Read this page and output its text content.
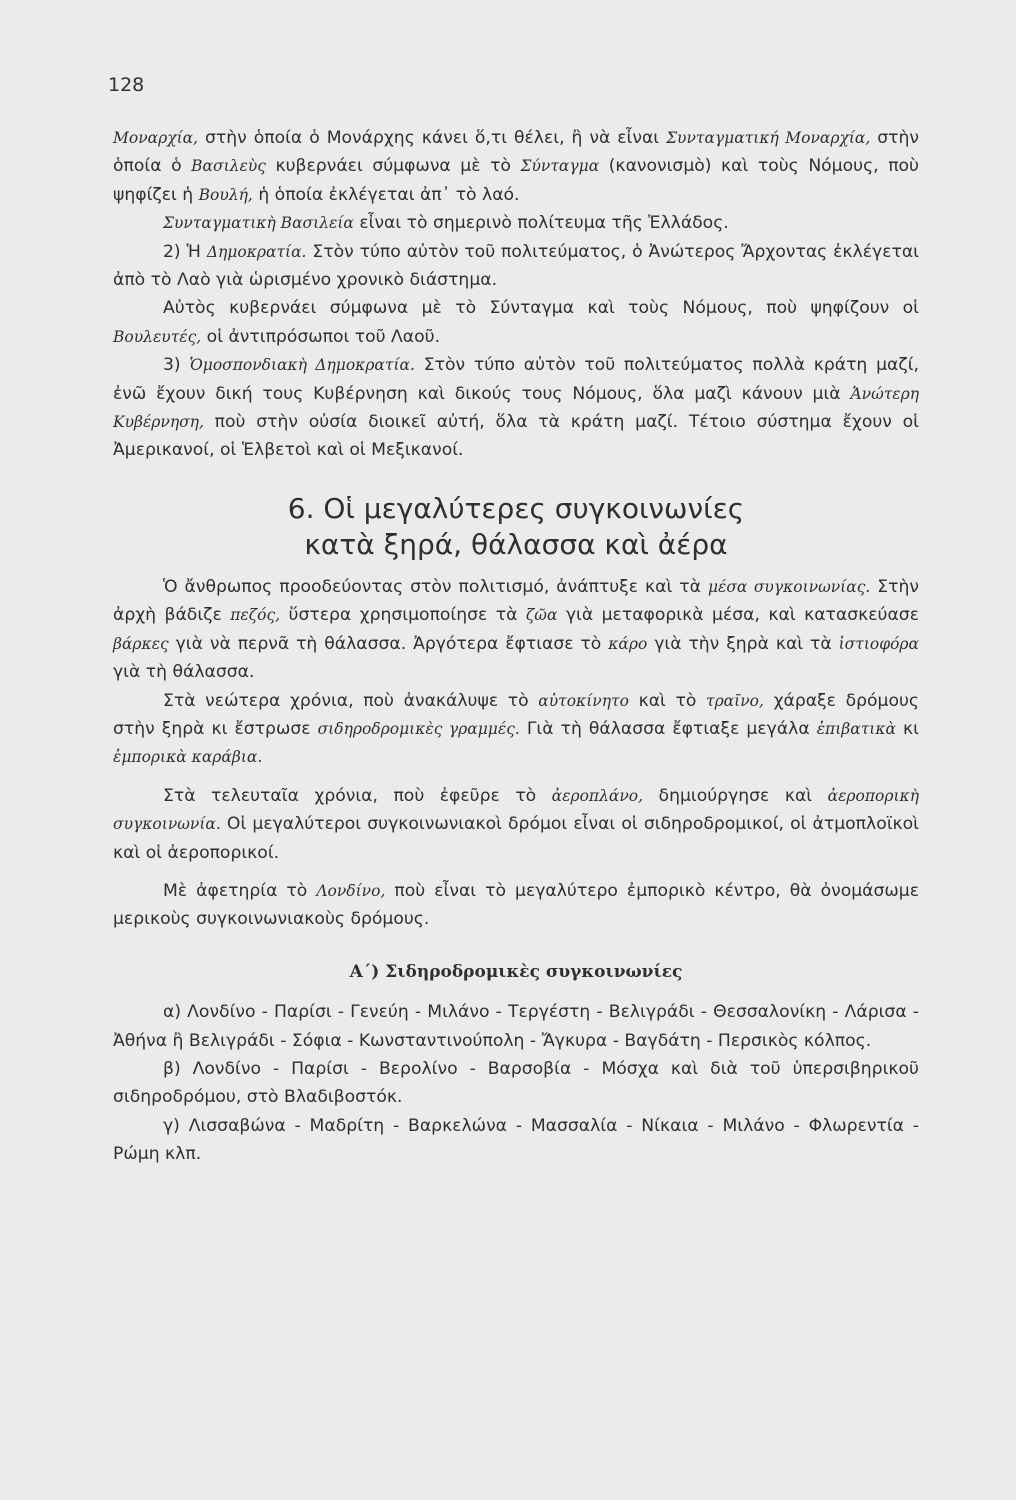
128

Μοναρχία, στὴν ὁποία ὁ Μονάρχης κάνει ὅ,τι θέλει, ἢ νὰ εἶναι Συνταγματική Μοναρχία, στὴν ὁποία ὁ Βασιλεὺς κυβερνάει σύμφωνα μὲ τὸ Σύνταγμα (κανονισμὸ) καὶ τοὺς Νόμους, ποὺ ψηφίζει ἡ Βουλή, ἡ ὁποία ἐκλέγεται ἀπ᾽ τὸ λαό.

Συνταγματικὴ Βασιλεία εἶναι τὸ σημερινὸ πολίτευμα τῆς Ἑλλάδος.

2) Ἡ Δημοκρατία. Στὸν τύπο αὐτὸν τοῦ πολιτεύματος, ὁ Ἀνώτερος Ἄρχοντας ἐκλέγεται ἀπὸ τὸ Λαὸ γιὰ ὡρισμένο χρονικὸ διάστημα.

Αὐτὸς κυβερνάει σύμφωνα μὲ τὸ Σύνταγμα καὶ τοὺς Νόμους, ποὺ ψηφίζουν οἱ Βουλευτές, οἱ ἀντιπρόσωποι τοῦ Λαοῦ.

3) Ὁμοσπονδιακὴ Δημοκρατία. Στὸν τύπο αὐτὸν τοῦ πολιτεύματος πολλὰ κράτη μαζί, ἐνῶ ἔχουν δική τους Κυβέρνηση καὶ δικούς τους Νόμους, ὅλα μαζὶ κάνουν μιὰ Ἀνώτερη Κυβέρνηση, ποὺ στὴν οὐσία διοικεῖ αὐτή, ὅλα τὰ κράτη μαζί. Τέτοιο σύστημα ἔχουν οἱ Ἀμερικανοί, οἱ Ἑλβετοὶ καὶ οἱ Μεξικανοί.

6. Οἱ μεγαλύτερες συγκοινωνίες
κατὰ ξηρά, θάλασσα καὶ ἀέρα

Ὁ ἄνθρωπος προοδεύοντας στὸν πολιτισμό, ἀνάπτυξε καὶ τὰ μέσα συγκοινωνίας. Στὴν ἀρχὴ βάδιζε πεζός, ὕστερα χρησιμοποίησε τὰ ζῶα γιὰ μεταφορικὰ μέσα, καὶ κατασκεύασε βάρκες γιὰ νὰ περνᾶ τὴ θάλασσα. Ἀργότερα ἔφτιασε τὸ κάρο γιὰ τὴν ξηρὰ καὶ τὰ ἱστιοφόρα γιὰ τὴ θάλασσα.

Στὰ νεώτερα χρόνια, ποὺ ἀνακάλυψε τὸ αὐτοκίνητο καὶ τὸ τραῖνο, χάραξε δρόμους στὴν ξηρὰ κι ἔστρωσε σιδηροδρομικὲς γραμμές. Γιὰ τὴ θάλασσα ἔφτιαξε μεγάλα ἐπιβατικὰ κι ἐμπορικὰ καράβια.

Στὰ τελευταῖα χρόνια, ποὺ ἐφεῦρε τὸ ἀεροπλάνο, δημιούργησε καὶ ἀεροπορικὴ συγκοινωνία. Οἱ μεγαλύτεροι συγκοινωνιακοὶ δρόμοι εἶναι οἱ σιδηροδρομικοί, οἱ ἀτμοπλοϊκοὶ καὶ οἱ ἀεροπορικοί.

Μὲ ἀφετηρία τὸ Λονδίνο, ποὺ εἶναι τὸ μεγαλύτερο ἐμπορικὸ κέντρο, θὰ ὀνομάσωμε μερικοὺς συγκοινωνιακοὺς δρόμους.

Α΄) Σιδηροδρομικὲς συγκοινωνίες

α) Λονδίνο - Παρίσι - Γενεύη - Μιλάνο - Τεργέστη - Βελιγράδι - Θεσσαλονίκη - Λάρισα - Ἀθήνα ἢ Βελιγράδι - Σόφια - Κωνσταντινούπολη - Ἄγκυρα - Βαγδάτη - Περσικὸς κόλπος.

β) Λονδίνο - Παρίσι - Βερολίνο - Βαρσοβία - Μόσχα καὶ διὰ τοῦ ὑπερσιβηρικοῦ σιδηροδρόμου, στὸ Βλαδιβοστόκ.

γ) Λισσαβώνα - Μαδρίτη - Βαρκελώνα - Μασσαλία - Νίκαια - Μιλάνο - Φλωρεντία - Ρώμη κλπ.
